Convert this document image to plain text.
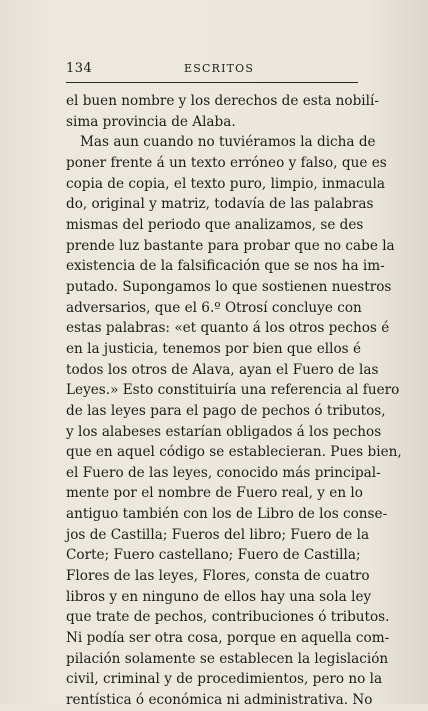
134	ESCRITOS
el buen nombre y los derechos de esta nobilí-
sima provincia de Alaba.
Mas aun cuando no tuviéramos la dicha de
poner frente á un texto erróneo y falso, que es
copia de copia, el texto puro, limpio, inmacula
do, original y matriz, todavía de las palabras
mismas del periodo que analizamos, se des
prende luz bastante para probar que no cabe la
existencia de la falsificación que se nos ha im-
putado. Supongamos lo que sostienen nuestros
adversarios, que el 6.º Otrosí concluye con
estas palabras: «et quanto á los otros pechos é
en la justicia, tenemos por bien que ellos é
todos los otros de Alava, ayan el Fuero de las
Leyes.» Esto constituiría una referencia al fuero
de las leyes para el pago de pechos ó tributos,
y los alabeses estarían obligados á los pechos
que en aquel código se establecieran. Pues bien,
el Fuero de las leyes, conocido más principal-
mente por el nombre de Fuero real, y en lo
antiguo también con los de Libro de los conse-
jos de Castilla; Fueros del libro; Fuero de la
Corte; Fuero castellano; Fuero de Castilla;
Flores de las leyes, Flores, consta de cuatro
libros y en ninguno de ellos hay una sola ley
que trate de pechos, contribuciones ó tributos.
Ni podía ser otra cosa, porque en aquella com-
pilación solamente se establecen la legislación
civil, criminal y de procedimientos, pero no la
rentística ó económica ni administrativa. No
